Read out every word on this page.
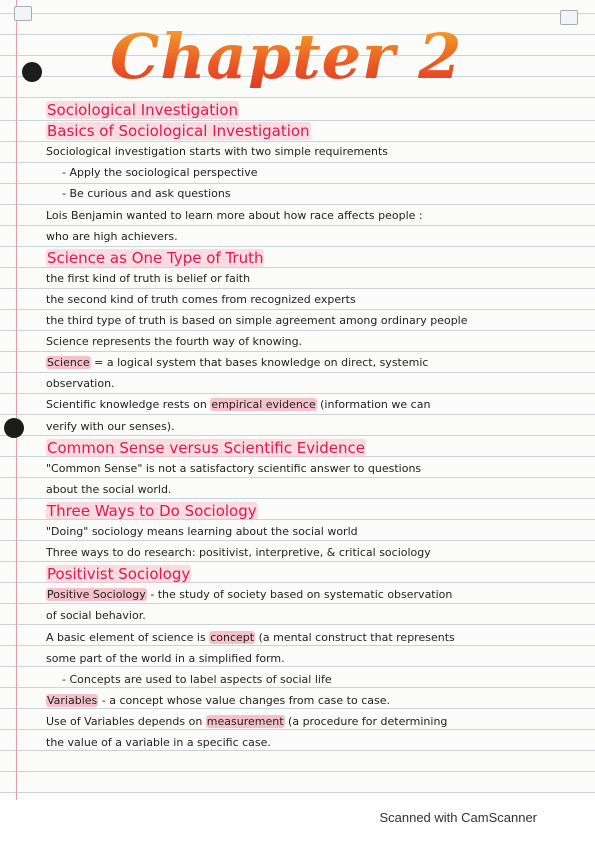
Chapter 2
Sociological Investigation
Basics of Sociological Investigation
Sociological investigation starts with two simple requirements
- Apply the sociological perspective
- Be curious and ask questions
Lois Benjamin wanted to learn more about how race affects people :
who are high achievers.
Science as One Type of Truth
the first kind of truth is belief or faith
the second kind of truth comes from recognized experts
the third type of truth is based on simple agreement among ordinary people
Science represents the fourth way of knowing.
Science = a logical system that bases knowledge on direct, systemic
observation.
Scientific knowledge rests on empirical evidence (information we can
verify with our senses).
Common Sense versus Scientific Evidence
"Common Sense" is not a satisfactory scientific answer to questions
about the social world.
Three Ways to Do Sociology
"Doing" sociology means learning about the social world
Three ways to do research: positivist, interpretive, & critical sociology
Positivist Sociology
Positive Sociology - the study of society based on systematic observation
of social behavior.
A basic element of science is concept (a mental construct that represents
some part of the world in a simplified form.
- Concepts are used to label aspects of social life
Variables - a concept whose value changes from case to case.
Use of Variables depends on measurement (a procedure for determining
the value of a variable in a specific case.
Scanned with CamScanner
